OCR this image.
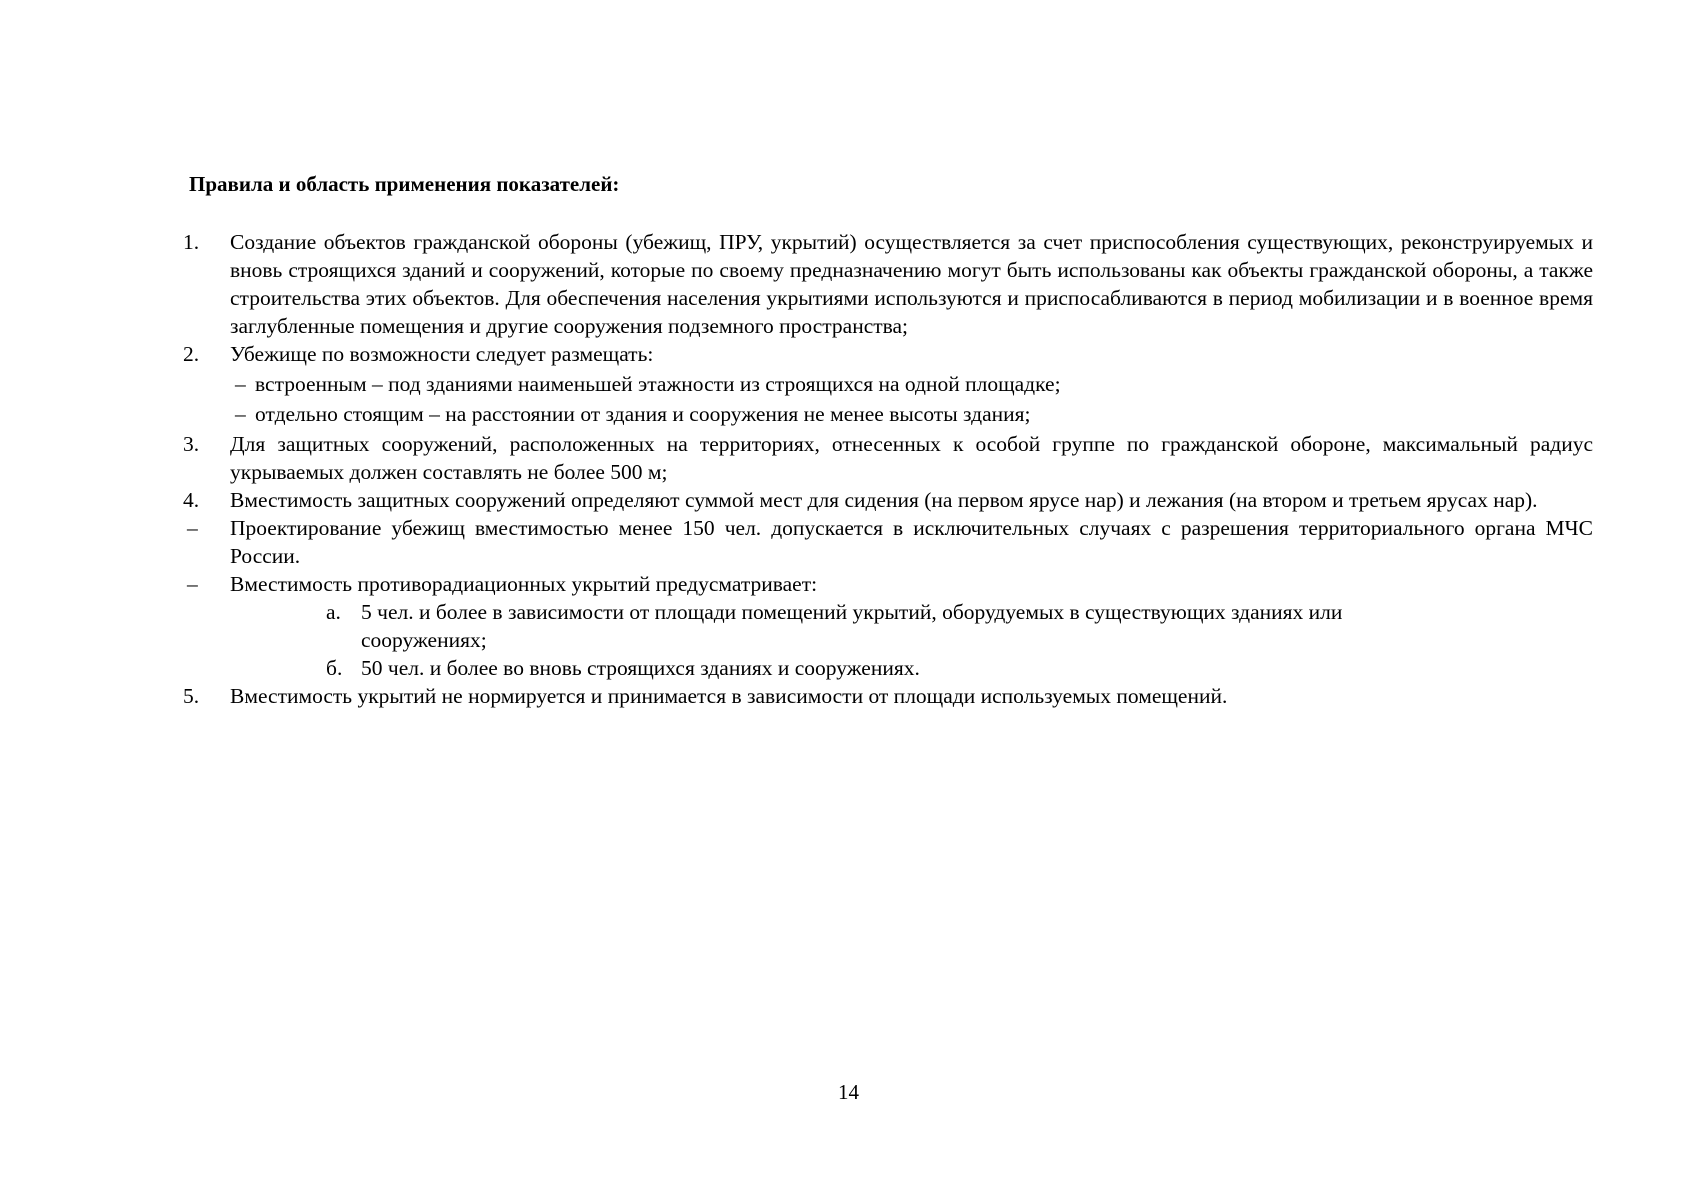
Правила и область применения показателей:

1. Создание объектов гражданской обороны (убежищ, ПРУ, укрытий) осуществляется за счет приспособления существующих, реконструируемых и вновь строящихся зданий и сооружений, которые по своему предназначению могут быть использованы как объекты гражданской обороны, а также строительства этих объектов. Для обеспечения населения укрытиями используются и приспосабливаются в период мобилизации и в военное время заглубленные помещения и другие сооружения подземного пространства;
2. Убежище по возможности следует размещать:
– встроенным – под зданиями наименьшей этажности из строящихся на одной площадке;
– отдельно стоящим – на расстоянии от здания и сооружения не менее высоты здания;
3. Для защитных сооружений, расположенных на территориях, отнесенных к особой группе по гражданской обороне, максимальный радиус укрываемых должен составлять не более 500 м;
4. Вместимость защитных сооружений определяют суммой мест для сидения (на первом ярусе нар) и лежания (на втором и третьем ярусах нар).
– Проектирование убежищ вместимостью менее 150 чел. допускается в исключительных случаях с разрешения территориального органа МЧС России.
– Вместимость противорадиационных укрытий предусматривает:
а. 5 чел. и более в зависимости от площади помещений укрытий, оборудуемых в существующих зданиях или сооружениях;
б. 50 чел. и более во вновь строящихся зданиях и сооружениях.
5. Вместимость укрытий не нормируется и принимается в зависимости от площади используемых помещений.
14
